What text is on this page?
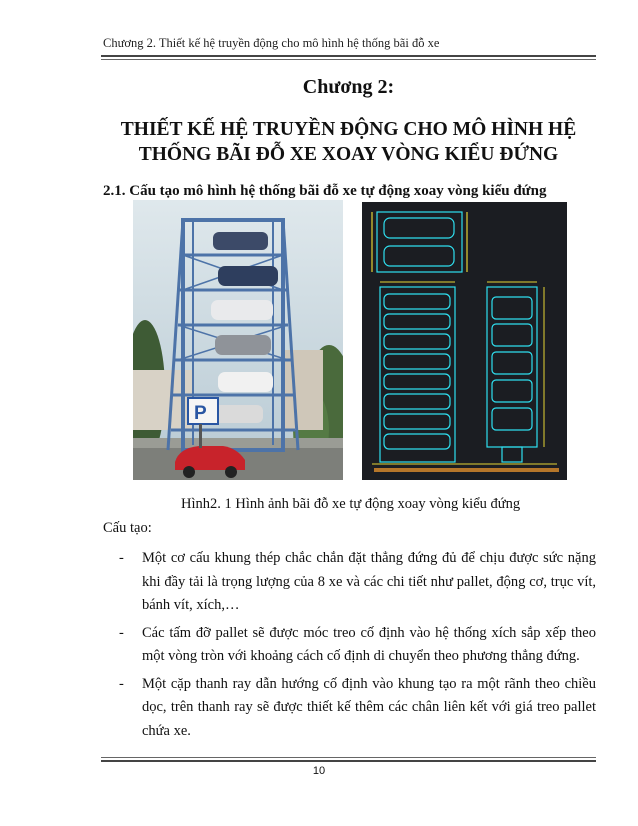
Chương 2. Thiết kế hệ truyền động cho mô hình hệ thống bãi đỗ xe
Chương 2:
THIẾT KẾ HỆ TRUYỀN ĐỘNG CHO MÔ HÌNH HỆ
THỐNG BÃI ĐỖ XE XOAY VÒNG KIỂU ĐỨNG
2.1. Cấu tạo mô hình hệ thống bãi đỗ xe tự động xoay vòng kiểu đứng
P
Hình2. 1 Hình ảnh bãi đỗ xe tự động xoay vòng kiểu đứng
Cấu tạo:
- Một cơ cấu khung thép chắc chắn đặt thẳng đứng đủ để chịu được sức nặng khi đầy tải là trọng lượng của 8 xe và các chi tiết như pallet, động cơ, trục vít, bánh vít, xích,…
- Các tấm đỡ pallet sẽ được móc treo cố định vào hệ thống xích sắp xếp theo một vòng tròn với khoảng cách cố định di chuyển theo phương thẳng đứng.
- Một cặp thanh ray dẫn hướng cố định vào khung tạo ra một rãnh theo chiều dọc, trên thanh ray sẽ được thiết kế thêm các chân liên kết với giá treo pallet chứa xe.
10
